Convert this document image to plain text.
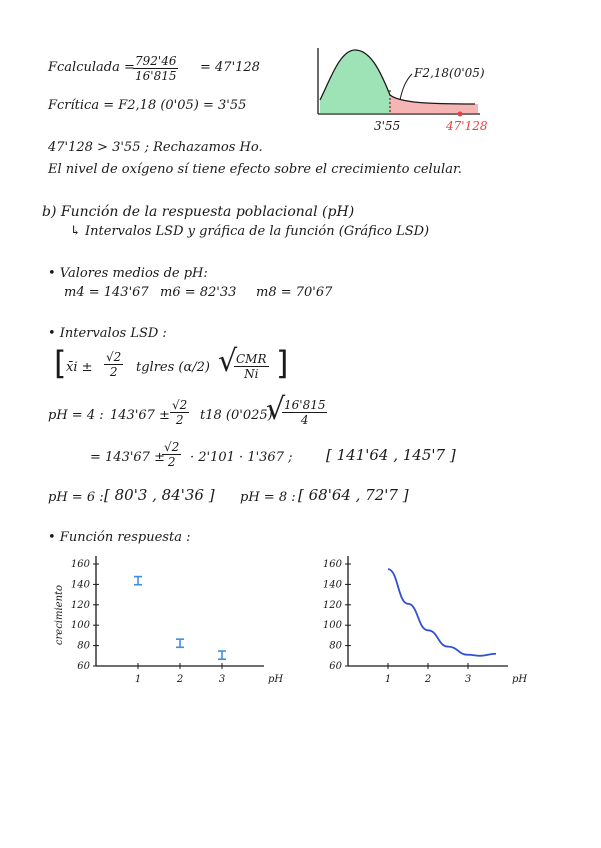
Fcalculada =
$\frac{792'46}{16'815} = 47'128$
Fcrítica = F2,18 (0'05) = 3'55
F2,18(0'05)
3'55	47'128
47'128 > 3'55 ; Rechazamos Ho.
El nivel de oxígeno sí tiene efecto sobre el crecimiento celular.
b) Función de la respuesta poblacional (pH)
↳ Intervalos LSD y gráfica de la función (Gráfico LSD)
• Valores medios de pH:
m4 = 143'67 m6 = 82'33 m8 = 70'67
• Intervalos LSD :
[ x̄i ± $\frac{√2}{2}$ tglres (α/2) √
CMR
Ni ]
pH = 4 : $143'67 \pm \frac{√2}{2} t18$ (0'025)
√
$\frac{16'815}{4}$
= 143'67 ±
$\frac{√2}{2} \cdot 2'101 \cdot 1'367$ ; [ 141'64 , 145'7 ]
pH = 6 : [ 80'3 , 84'36 ] pH = 8 : [ 68'64 , 72'7 ]
• Función respuesta :
60
80
100
120
140
160
1	2	3	pH
crecimiento
60
80
100
120
140
160
1	2	3	pH
